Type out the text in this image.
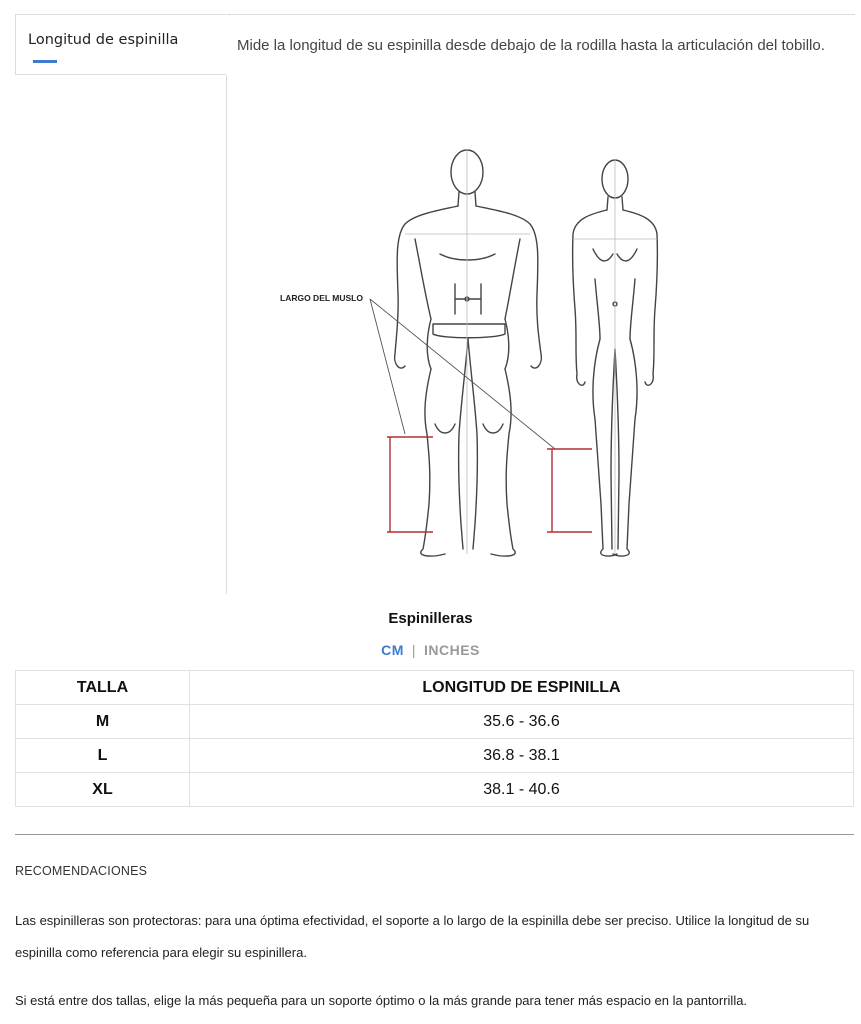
Longitud de espinilla	Mide la longitud de su espinilla desde debajo de la rodilla hasta la articulación del tobillo.
LARGO DEL MUSLO
Espinilleras
CM | INCHES
TALLA	LONGITUD DE ESPINILLA
M	35.6 - 36.6
L	36.8 - 38.1
XL	38.1 - 40.6
RECOMENDACIONES
Las espinilleras son protectoras: para una óptima efectividad, el soporte a lo largo de la espinilla debe ser preciso. Utilice la longitud de su espinilla como referencia para elegir su espinillera.
Si está entre dos tallas, elige la más pequeña para un soporte óptimo o la más grande para tener más espacio en la pantorrilla.
